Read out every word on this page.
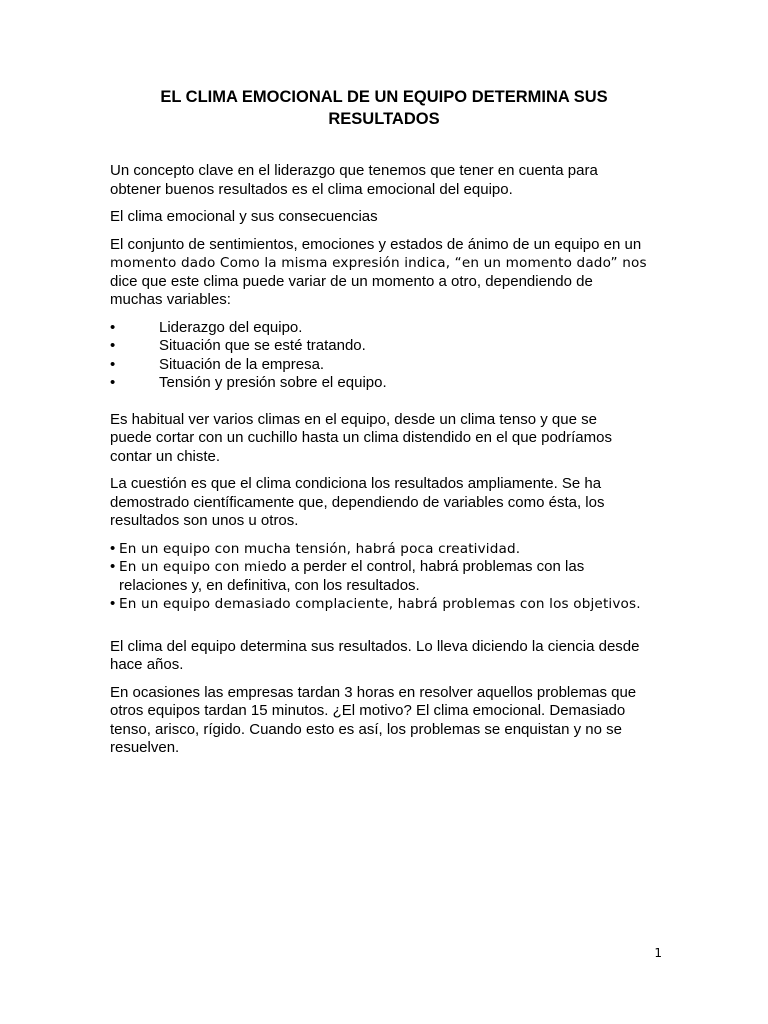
EL CLIMA EMOCIONAL DE UN EQUIPO DETERMINA SUS
RESULTADOS

Un concepto clave en el liderazgo que tenemos que tener en cuenta para
obtener buenos resultados es el clima emocional del equipo.

El clima emocional y sus consecuencias

El conjunto de sentimientos, emociones y estados de ánimo de un equipo en un
momento dado Como la misma expresión indica, “en un momento dado” nos
dice que este clima puede variar de un momento a otro, dependiendo de
muchas variables:

•	Liderazgo del equipo.
•	Situación que se esté tratando.
•	Situación de la empresa.
•	Tensión y presión sobre el equipo.

Es habitual ver varios climas en el equipo, desde un clima tenso y que se
puede cortar con un cuchillo hasta un clima distendido en el que podríamos
contar un chiste.

La cuestión es que el clima condiciona los resultados ampliamente. Se ha
demostrado científicamente que, dependiendo de variables como ésta, los
resultados son unos u otros.

• En un equipo con mucha tensión, habrá poca creatividad.
• En un equipo con miedo a perder el control, habrá problemas con las
relaciones y, en definitiva, con los resultados.
• En un equipo demasiado complaciente, habrá problemas con los objetivos.

El clima del equipo determina sus resultados. Lo lleva diciendo la ciencia desde
hace años.

En ocasiones las empresas tardan 3 horas en resolver aquellos problemas que
otros equipos tardan 15 minutos. ¿El motivo? El clima emocional. Demasiado
tenso, arisco, rígido. Cuando esto es así, los problemas se enquistan y no se
resuelven.

1
